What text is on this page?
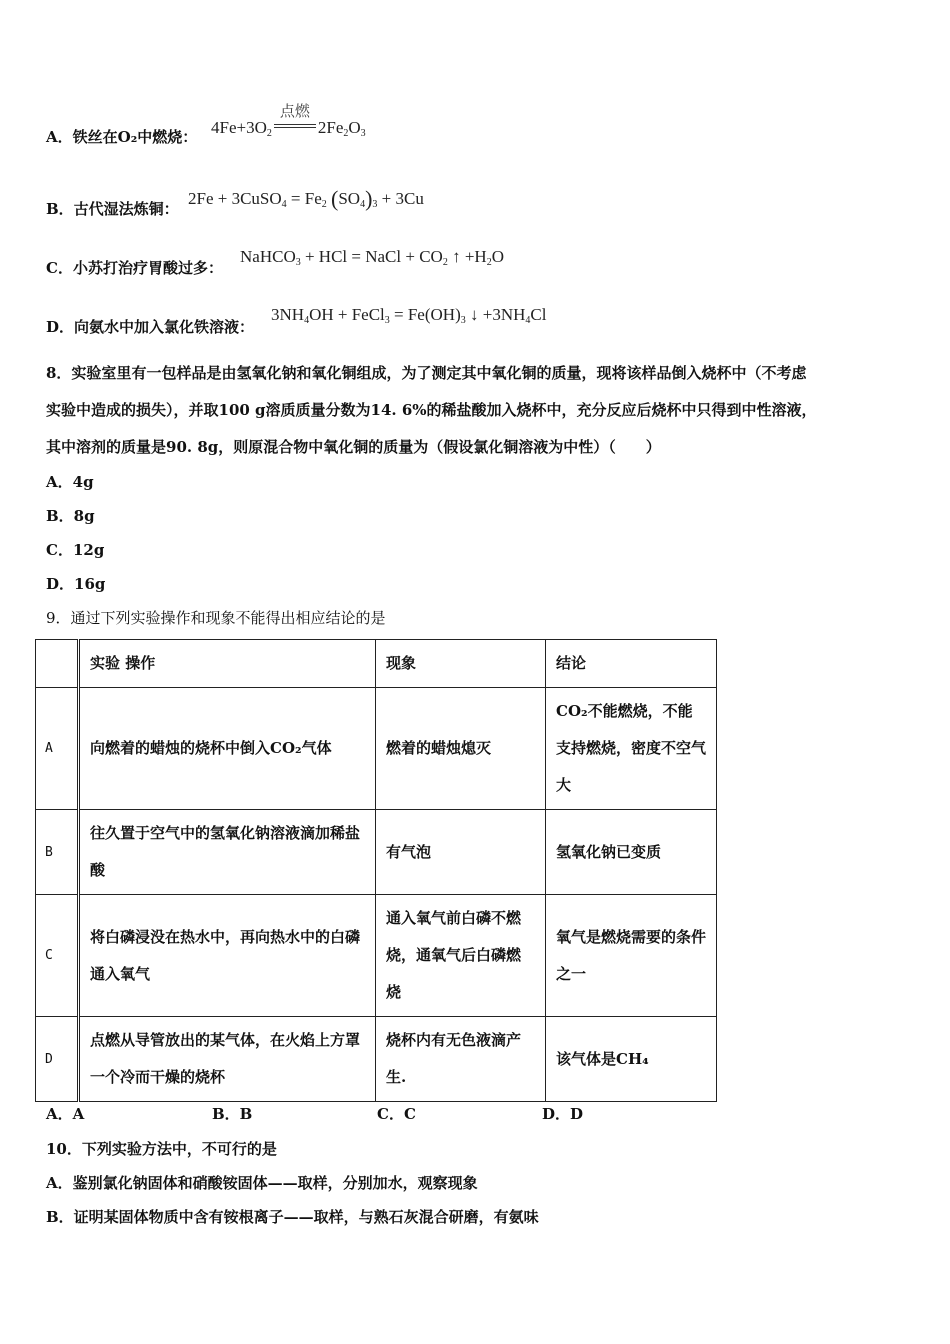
A．铁丝在O₂中燃烧： $4Fe+3O_2$
点燃
$2Fe_2O_3$
B．古代湿法炼铜：
2Fe + 3CuSO$_4$ = $Fe_2$ $(SO_4)_3 + 3Cu$
C．小苏打治疗胃酸过多：
NaHCO$_3$ + HCl = NaCl + $CO_2$ ↑ $+H_2O$
D．向氨水中加入氯化铁溶液：
$3NH_4OH$ + FeCl$_3$ = $Fe(OH)_3$ ↓ $+3NH_4Cl$
8．实验室里有一包样品是由氢氧化钠和氧化铜组成，为了测定其中氧化铜的质量，现将该样品倒入烧杯中（不考虑
实验中造成的损失），并取100 g溶质质量分数为14. 6%的稀盐酸加入烧杯中，充分反应后烧杯中只得到中性溶液，
其中溶剂的质量是90. 8g，则原混合物中氧化铜的质量为（假设氯化铜溶液为中性）（　　）
A．4g
B．8g
C．12g
D．16g
9．通过下列实验操作和现象不能得出相应结论的是
	实验 操作	现象	结论
A	向燃着的蜡烛的烧杯中倒入CO₂气体	燃着的蜡烛熄灭	CO₂不能燃烧，不能支持燃烧，密度不空气大
B	往久置于空气中的氢氧化钠溶液滴加稀盐酸	有气泡	氢氧化钠已变质
C	将白磷浸没在热水中，再向热水中的白磷通入氧气	通入氧气前白磷不燃烧，通氧气后白磷燃烧	氧气是燃烧需要的条件之一
D	点燃从导管放出的某气体，在火焰上方罩一个冷而干燥的烧杯	烧杯内有无色液滴产生.	该气体是CH₄
A．A	B．B	C．C	D．D
10．下列实验方法中，不可行的是
A．鉴别氯化钠固体和硝酸铵固体——取样，分别加水，观察现象
B．证明某固体物质中含有铵根离子——取样，与熟石灰混合研磨，有氨味
